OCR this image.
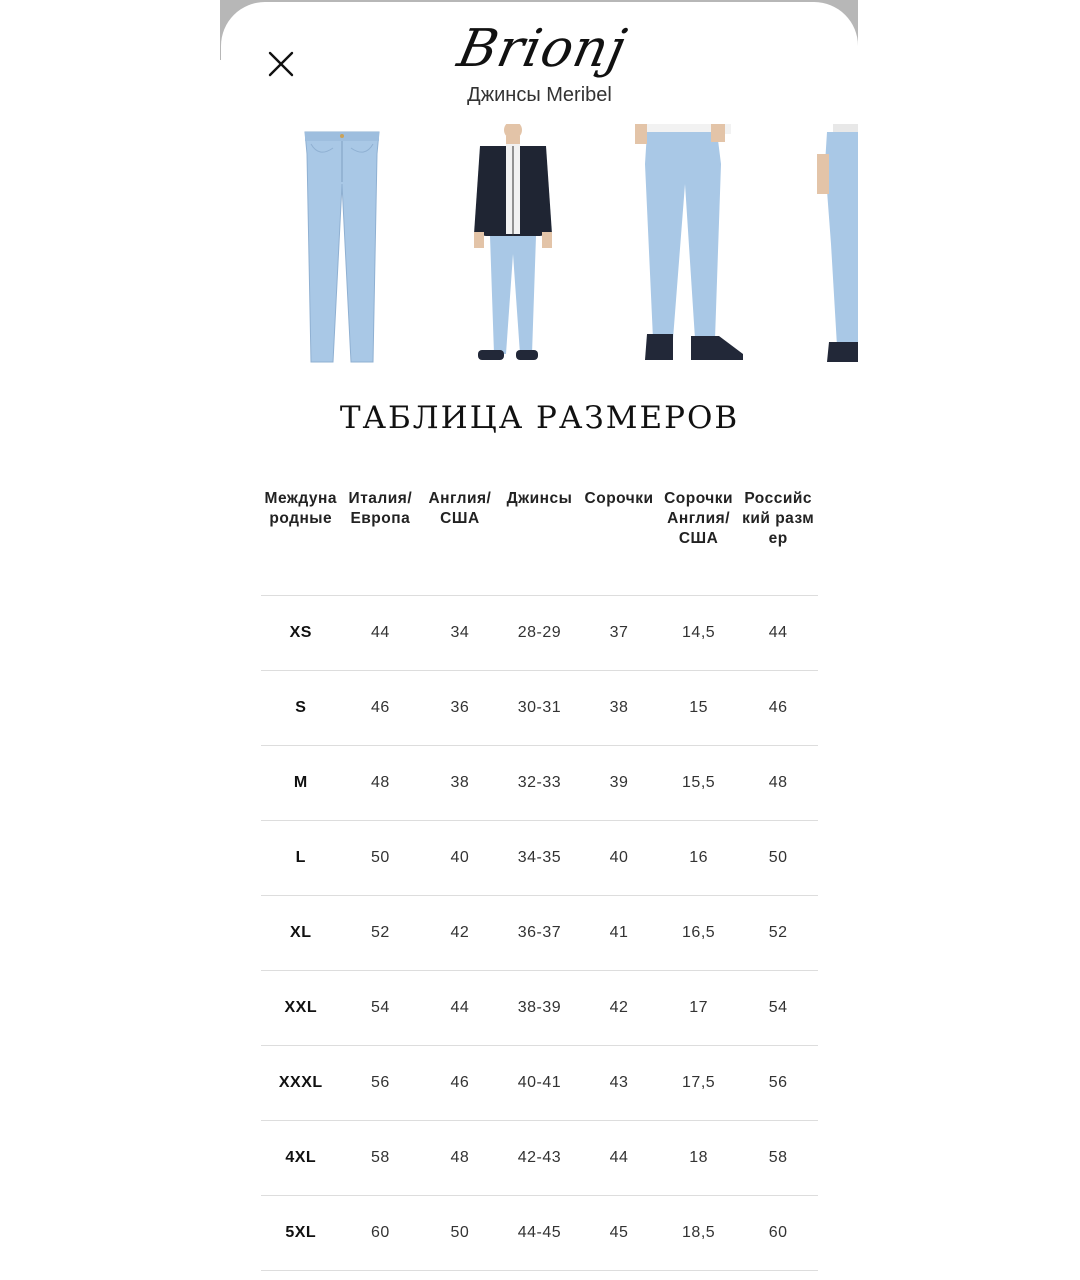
Brionj
Джинсы Meribel
ТАБЛИЦА РАЗМЕРОВ
Международные	Италия/ Европа	Англия/ США	Джинсы	Сорочки	Сорочки Англия/ США	Российский размер
XS	44	34	28-29	37	14,5	44
S	46	36	30-31	38	15	46
M	48	38	32-33	39	15,5	48
L	50	40	34-35	40	16	50
XL	52	42	36-37	41	16,5	52
XXL	54	44	38-39	42	17	54
XXXL	56	46	40-41	43	17,5	56
4XL	58	48	42-43	44	18	58
5XL	60	50	44-45	45	18,5	60
